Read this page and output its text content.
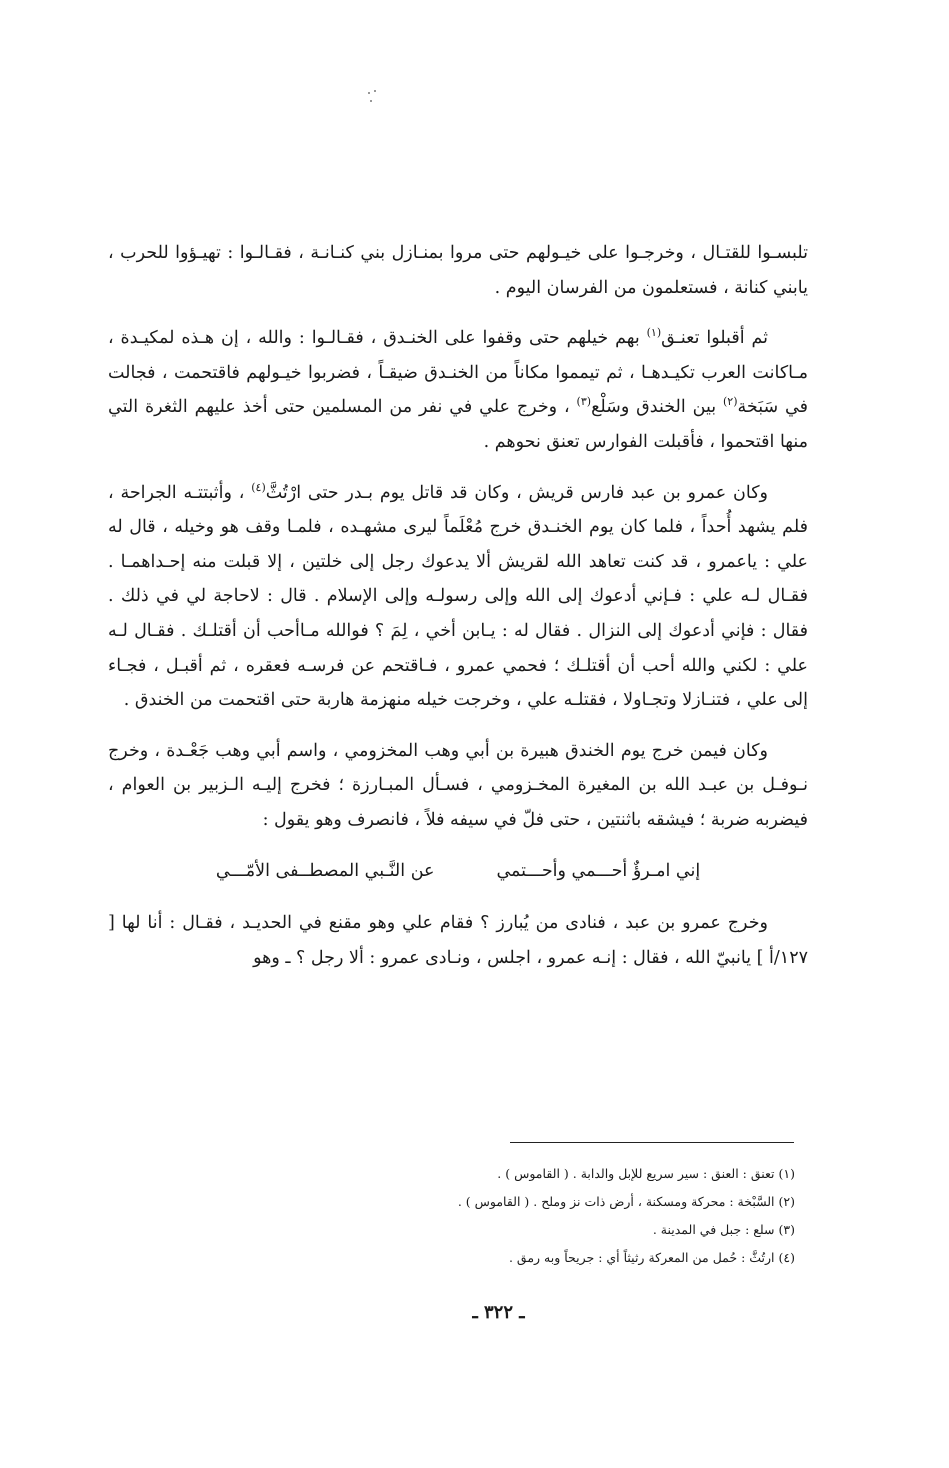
تلبسـوا للقتـال ، وخرجـوا على خيـولهم حتى مروا بمنـازل بني كنـانـة ، فقـالـوا : تهيـؤوا للحرب ، يابني كنانة ، فستعلمون من الفرسان اليوم .

ثم أقبلوا تعنـق$^{(١)}$ بهم خيلهم حتى وقفوا على الخنـدق ، فقـالـوا : والله ، إن هـذه لمكيـدة ، مـاكانت العرب تكيـدهـا ، ثم تيمموا مكاناً من الخنـدق ضيقـاً ، فضربوا خيـولهم فاقتحمت ، فجالت في سَبَخة$^{(٢)}$ بين الخندق وسَلْع$^{(٣)}$ ، وخرج علي في نفر من المسلمين حتى أخذ عليهم الثغرة التي منها اقتحموا ، فأقبلت الفوارس تعنق نحوهم .

وكان عمرو بن عبد فارس قريش ، وكان قد قاتل يوم بـدر حتى ارْتُثَّ$^{(٤)}$ ، وأثبتتـه الجراحة ، فلم يشهد أُحداً ، فلما كان يوم الخنـدق خرج مُعْلَماً ليرى مشهـده ، فلمـا وقف هو وخيله ، قال له علي : ياعمرو ، قد كنت تعاهد الله لقريش ألا يدعوك رجل إلى خلتين ، إلا قبلت منه إحـداهمـا . فقـال لـه علي : فـإني أدعوك إلى الله وإلى رسولـه وإلى الإسلام . قال : لاحاجة لي في ذلك . فقال : فإني أدعوك إلى النزال . فقال له : يـابن أخي ، لِمَ ؟ فوالله مـاأحب أن أقتلـك . فقـال لـه علي : لكني والله أحب أن أقتلـك ؛ فحمي عمرو ، فـاقتحم عن فرسـه فعقره ، ثم أقبـل ، فجـاء إلى علي ، فتنـازلا وتجـاولا ، فقتلـه علي ، وخرجت خيله منهزمة هاربة حتى اقتحمت من الخندق .

وكان فيمن خرج يوم الخندق هبيرة بن أبي وهب المخزومي ، واسم أبي وهب جَعْـدة ، وخرج نـوفـل بن عبـد الله بن المغيرة المخـزومي ، فسـأل المبـارزة ؛ فخرج إليـه الـزبير بن العوام ، فيضربه ضربة ؛ فيشقه باثنتين ، حتى فلّ في سيفه فلاً ، فانصرف وهو يقول :

إني امـرؤٌ أحـــمي وأحـــتمي
عن النَّـبي المصطــفى الأمّـــي

وخرج عمرو بن عبد ، فنادى من يُبارز ؟ فقام علي وهو مقنع في الحديـد ، فقـال : أنا لها [ ١٢٧/أ ] يانبيّ الله ، فقال : إنـه عمرو ، اجلس ، ونـادى عمرو : ألا رجل ؟ ـ وهو

(١) تعنق : العنق : سير سريع للإبل والدابة . ( القاموس ) .
(٢) السَّبْخة : محركة ومسكنة ، أرض ذات نز وملح . ( القاموس ) .
(٣) سلع : جبل في المدينة .
(٤) ارتُثَّ : حُمل من المعركة رثيثاً أي : جريحاً وبه رمق .
ـ ٣٢٢ ـ
